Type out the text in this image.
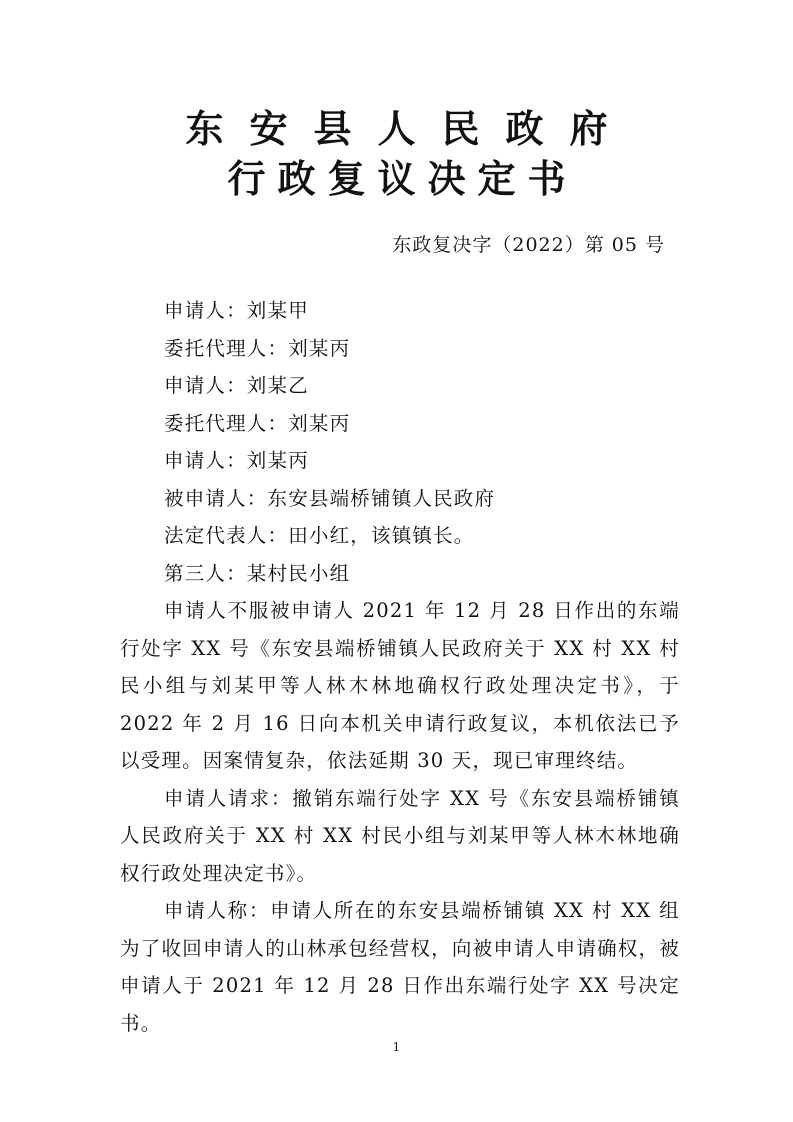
东安县人民政府
行政复议决定书
东政复决字（2022）第 05 号

申请人：刘某甲

委托代理人：刘某丙

申请人：刘某乙

委托代理人：刘某丙

申请人：刘某丙

被申请人：东安县端桥铺镇人民政府

法定代表人：田小红，该镇镇长。

第三人：某村民小组

申请人不服被申请人 2021 年 12 月 28 日作出的东端行处字 XX 号《东安县端桥铺镇人民政府关于 XX 村 XX 村民小组与刘某甲等人林木林地确权行政处理决定书》，于 2022 年 2 月 16 日向本机关申请行政复议，本机依法已予以受理。因案情复杂，依法延期 30 天，现已审理终结。

申请人请求：撤销东端行处字 XX 号《东安县端桥铺镇人民政府关于 XX 村 XX 村民小组与刘某甲等人林木林地确权行政处理决定书》。

申请人称：申请人所在的东安县端桥铺镇 XX 村 XX 组为了收回申请人的山林承包经营权，向被申请人申请确权，被申请人于 2021 年 12 月 28 日作出东端行处字 XX 号决定书。

1
